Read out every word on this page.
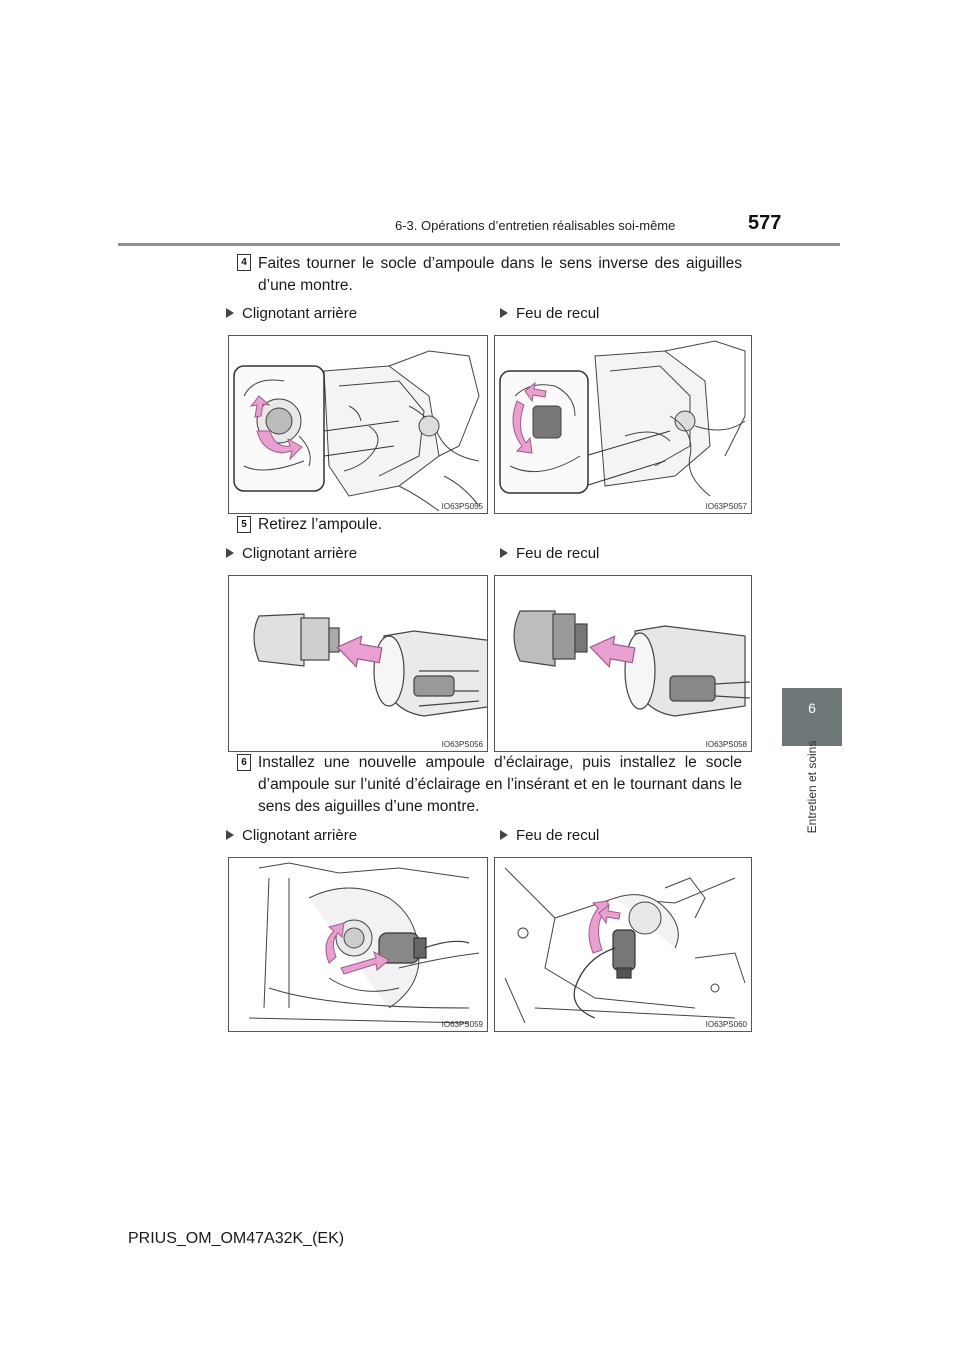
6-3. Opérations d’entretien réalisables soi-même	577
6
Entretien et soins
4 Faites tourner le socle d’ampoule dans le sens inverse des aiguilles d’une montre.
Clignotant arrière	Feu de recul
IO63PS055	IO63PS057
5 Retirez l’ampoule.
Clignotant arrière	Feu de recul
IO63PS056	IO63PS058
6 Installez une nouvelle ampoule d’éclairage, puis installez le socle d’ampoule sur l’unité d’éclairage en l’insérant et en le tournant dans le sens des aiguilles d’une montre.
Clignotant arrière	Feu de recul
IO63PS059	IO63PS060
PRIUS_OM_OM47A32K_(EK)
